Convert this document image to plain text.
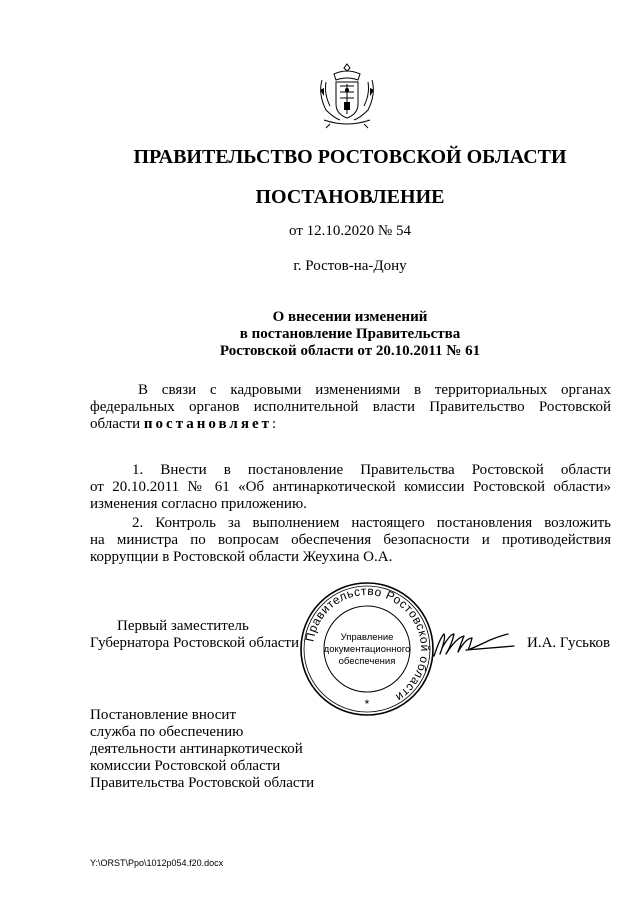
ПРАВИТЕЛЬСТВО РОСТОВСКОЙ ОБЛАСТИ
ПОСТАНОВЛЕНИЕ
от 12.10.2020 № 54
г. Ростов-на-Дону
О внесении изменений
в постановление Правительства
Ростовской области от 20.10.2011 № 61
В связи с кадровыми изменениями в территориальных органах
федеральных органов исполнительной власти Правительство Ростовской
области постановляет:
1. Внести в постановление Правительства Ростовской области
от 20.10.2011 № 61 «Об антинаркотической комиссии Ростовской области»
изменения согласно приложению.
2. Контроль за выполнением настоящего постановления возложить
на министра по вопросам обеспечения безопасности и противодействия
коррупции в Ростовской области Жеухина О.А.
Первый заместитель
Губернатора Ростовской области Правительство Ростовской области
Управление
документационного
обеспечения
*
И.А. Гуськов
Постановление вносит
служба по обеспечению
деятельности антинаркотической
комиссии Ростовской области
Правительства Ростовской области
Y:\ORST\Ppo\1012p054.f20.docx
